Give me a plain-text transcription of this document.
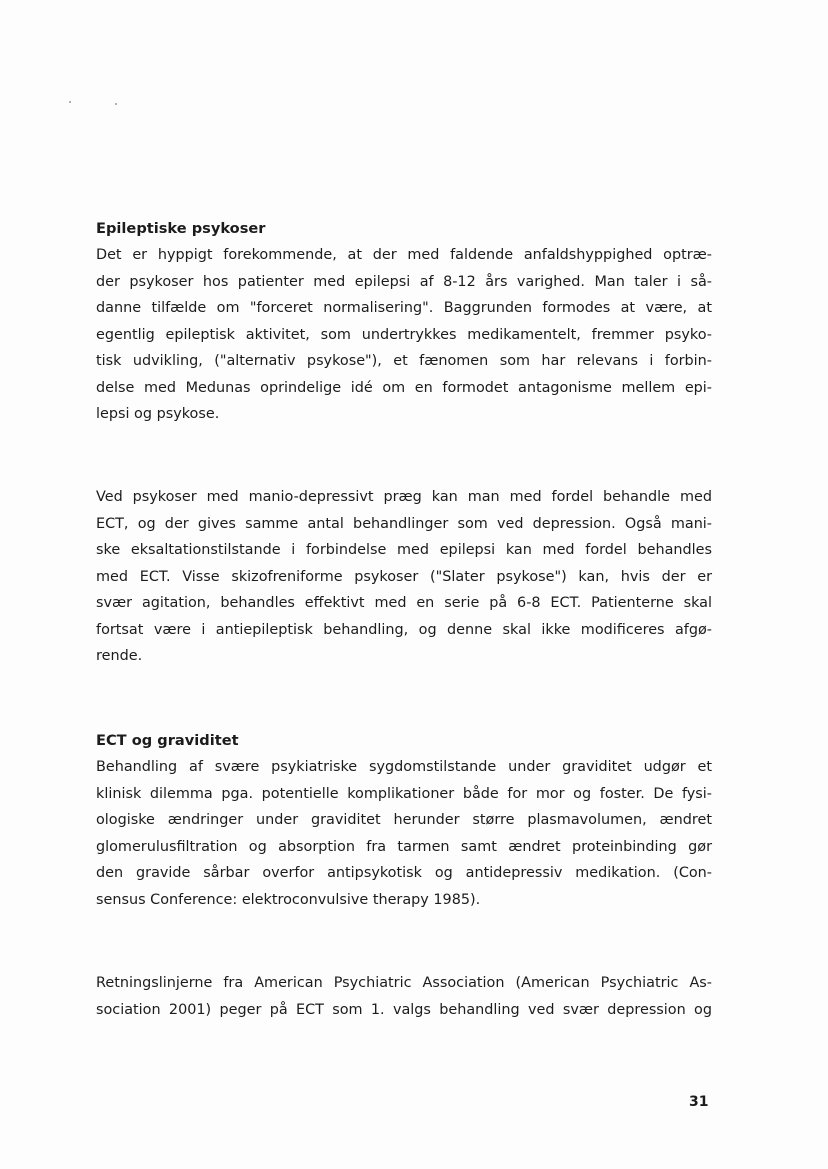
Epileptiske psykoser
Det er hyppigt forekommende, at der med faldende anfaldshyppighed optræ-
der psykoser hos patienter med epilepsi af 8-12 års varighed. Man taler i så-
danne tilfælde om "forceret normalisering". Baggrunden formodes at være, at
egentlig epileptisk aktivitet, som undertrykkes medikamentelt, fremmer psyko-
tisk udvikling, ("alternativ psykose"), et fænomen som har relevans i forbin-
delse med Medunas oprindelige idé om en formodet antagonisme mellem epi-
lepsi og psykose.
Ved psykoser med manio-depressivt præg kan man med fordel behandle med
ECT, og der gives samme antal behandlinger som ved depression. Også mani-
ske eksaltationstilstande i forbindelse med epilepsi kan med fordel behandles
med ECT. Visse skizofreniforme psykoser ("Slater psykose") kan, hvis der er
svær agitation, behandles effektivt med en serie på 6-8 ECT. Patienterne skal
fortsat være i antiepileptisk behandling, og denne skal ikke modificeres afgø-
rende.
ECT og graviditet
Behandling af svære psykiatriske sygdomstilstande under graviditet udgør et
klinisk dilemma pga. potentielle komplikationer både for mor og foster. De fysi-
ologiske ændringer under graviditet herunder større plasmavolumen, ændret
glomerulusfiltration og absorption fra tarmen samt ændret proteinbinding gør
den gravide sårbar overfor antipsykotisk og antidepressiv medikation. (Con-
sensus Conference: elektroconvulsive therapy 1985).
Retningslinjerne fra American Psychiatric Association (American Psychiatric As-
sociation 2001) peger på ECT som 1. valgs behandling ved svær depression og
31
